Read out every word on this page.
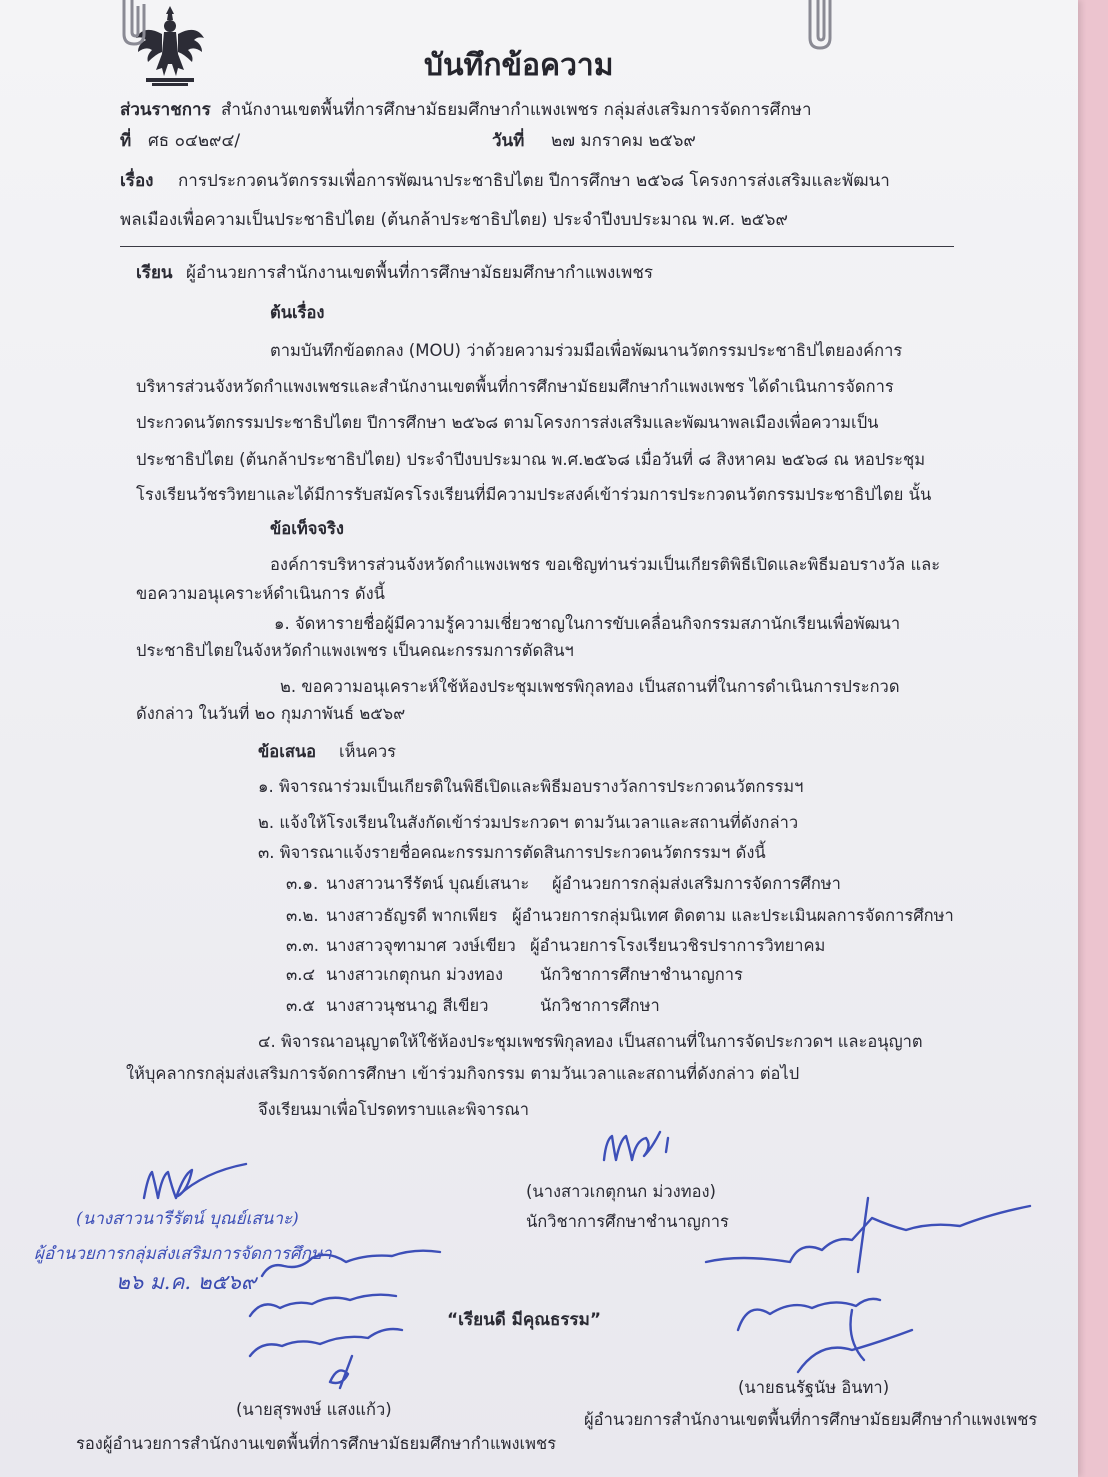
บันทึกข้อความ
ส่วนราชการ สำนักงานเขตพื้นที่การศึกษามัธยมศึกษากำแพงเพชร กลุ่มส่งเสริมการจัดการศึกษา
ที่ ศธ ๐๔๒๙๔/	วันที่ ๒๗ มกราคม ๒๕๖๙
เรื่อง การประกวดนวัตกรรมเพื่อการพัฒนาประชาธิปไตย ปีการศึกษา ๒๕๖๘ โครงการส่งเสริมและพัฒนา
พลเมืองเพื่อความเป็นประชาธิปไตย (ต้นกล้าประชาธิปไตย) ประจำปีงบประมาณ พ.ศ. ๒๕๖๙
เรียน ผู้อำนวยการสำนักงานเขตพื้นที่การศึกษามัธยมศึกษากำแพงเพชร
ต้นเรื่อง
ตามบันทึกข้อตกลง (MOU) ว่าด้วยความร่วมมือเพื่อพัฒนานวัตกรรมประชาธิปไตยองค์การ
บริหารส่วนจังหวัดกำแพงเพชรและสำนักงานเขตพื้นที่การศึกษามัธยมศึกษากำแพงเพชร ได้ดำเนินการจัดการ
ประกวดนวัตกรรมประชาธิปไตย ปีการศึกษา ๒๕๖๘ ตามโครงการส่งเสริมและพัฒนาพลเมืองเพื่อความเป็น
ประชาธิปไตย (ต้นกล้าประชาธิปไตย) ประจำปีงบประมาณ พ.ศ.๒๕๖๘ เมื่อวันที่ ๘ สิงหาคม ๒๕๖๘ ณ หอประชุม
โรงเรียนวัชรวิทยาและได้มีการรับสมัครโรงเรียนที่มีความประสงค์เข้าร่วมการประกวดนวัตกรรมประชาธิปไตย นั้น
ข้อเท็จจริง
องค์การบริหารส่วนจังหวัดกำแพงเพชร ขอเชิญท่านร่วมเป็นเกียรติพิธีเปิดและพิธีมอบรางวัล และ
ขอความอนุเคราะห์ดำเนินการ ดังนี้
๑. จัดหารายชื่อผู้มีความรู้ความเชี่ยวชาญในการขับเคลื่อนกิจกรรมสภานักเรียนเพื่อพัฒนา
ประชาธิปไตยในจังหวัดกำแพงเพชร เป็นคณะกรรมการตัดสินฯ
๒. ขอความอนุเคราะห์ใช้ห้องประชุมเพชรพิกุลทอง เป็นสถานที่ในการดำเนินการประกวด
ดังกล่าว ในวันที่ ๒๐ กุมภาพันธ์ ๒๕๖๙
ข้อเสนอ เห็นควร
๑. พิจารณาร่วมเป็นเกียรติในพิธีเปิดและพิธีมอบรางวัลการประกวดนวัตกรรมฯ
๒. แจ้งให้โรงเรียนในสังกัดเข้าร่วมประกวดฯ ตามวันเวลาและสถานที่ดังกล่าว
๓. พิจารณาแจ้งรายชื่อคณะกรรมการตัดสินการประกวดนวัตกรรมฯ ดังนี้
๓.๑. นางสาวนารีรัตน์ บุณย์เสนาะ ผู้อำนวยการกลุ่มส่งเสริมการจัดการศึกษา
๓.๒. นางสาวธัญรดี พากเพียร ผู้อำนวยการกลุ่มนิเทศ ติดตาม และประเมินผลการจัดการศึกษา
๓.๓. นางสาวจุฑามาศ วงษ์เขียว ผู้อำนวยการโรงเรียนวชิรปราการวิทยาคม
๓.๔ นางสาวเกตุกนก ม่วงทอง นักวิชาการศึกษาชำนาญการ
๓.๕ นางสาวนุชนาฎ สีเขียว	นักวิชาการศึกษา
๔. พิจารณาอนุญาตให้ใช้ห้องประชุมเพชรพิกุลทอง เป็นสถานที่ในการจัดประกวดฯ และอนุญาต
ให้บุคลากรกลุ่มส่งเสริมการจัดการศึกษา เข้าร่วมกิจกรรม ตามวันเวลาและสถานที่ดังกล่าว ต่อไป
จึงเรียนมาเพื่อโปรดทราบและพิจารณา
(นางสาวเกตุกนก ม่วงทอง)
นักวิชาการศึกษาชำนาญการ
(นางสาวนารีรัตน์ บุณย์เสนาะ)
ผู้อำนวยการกลุ่มส่งเสริมการจัดการศึกษา
๒๖ ม.ค. ๒๕๖๙
“เรียนดี มีคุณธรรม”
(นายสุรพงษ์ แสงแก้ว)
รองผู้อำนวยการสำนักงานเขตพื้นที่การศึกษามัธยมศึกษากำแพงเพชร
(นายธนรัฐนัษ อินทา)
ผู้อำนวยการสำนักงานเขตพื้นที่การศึกษามัธยมศึกษากำแพงเพชร
